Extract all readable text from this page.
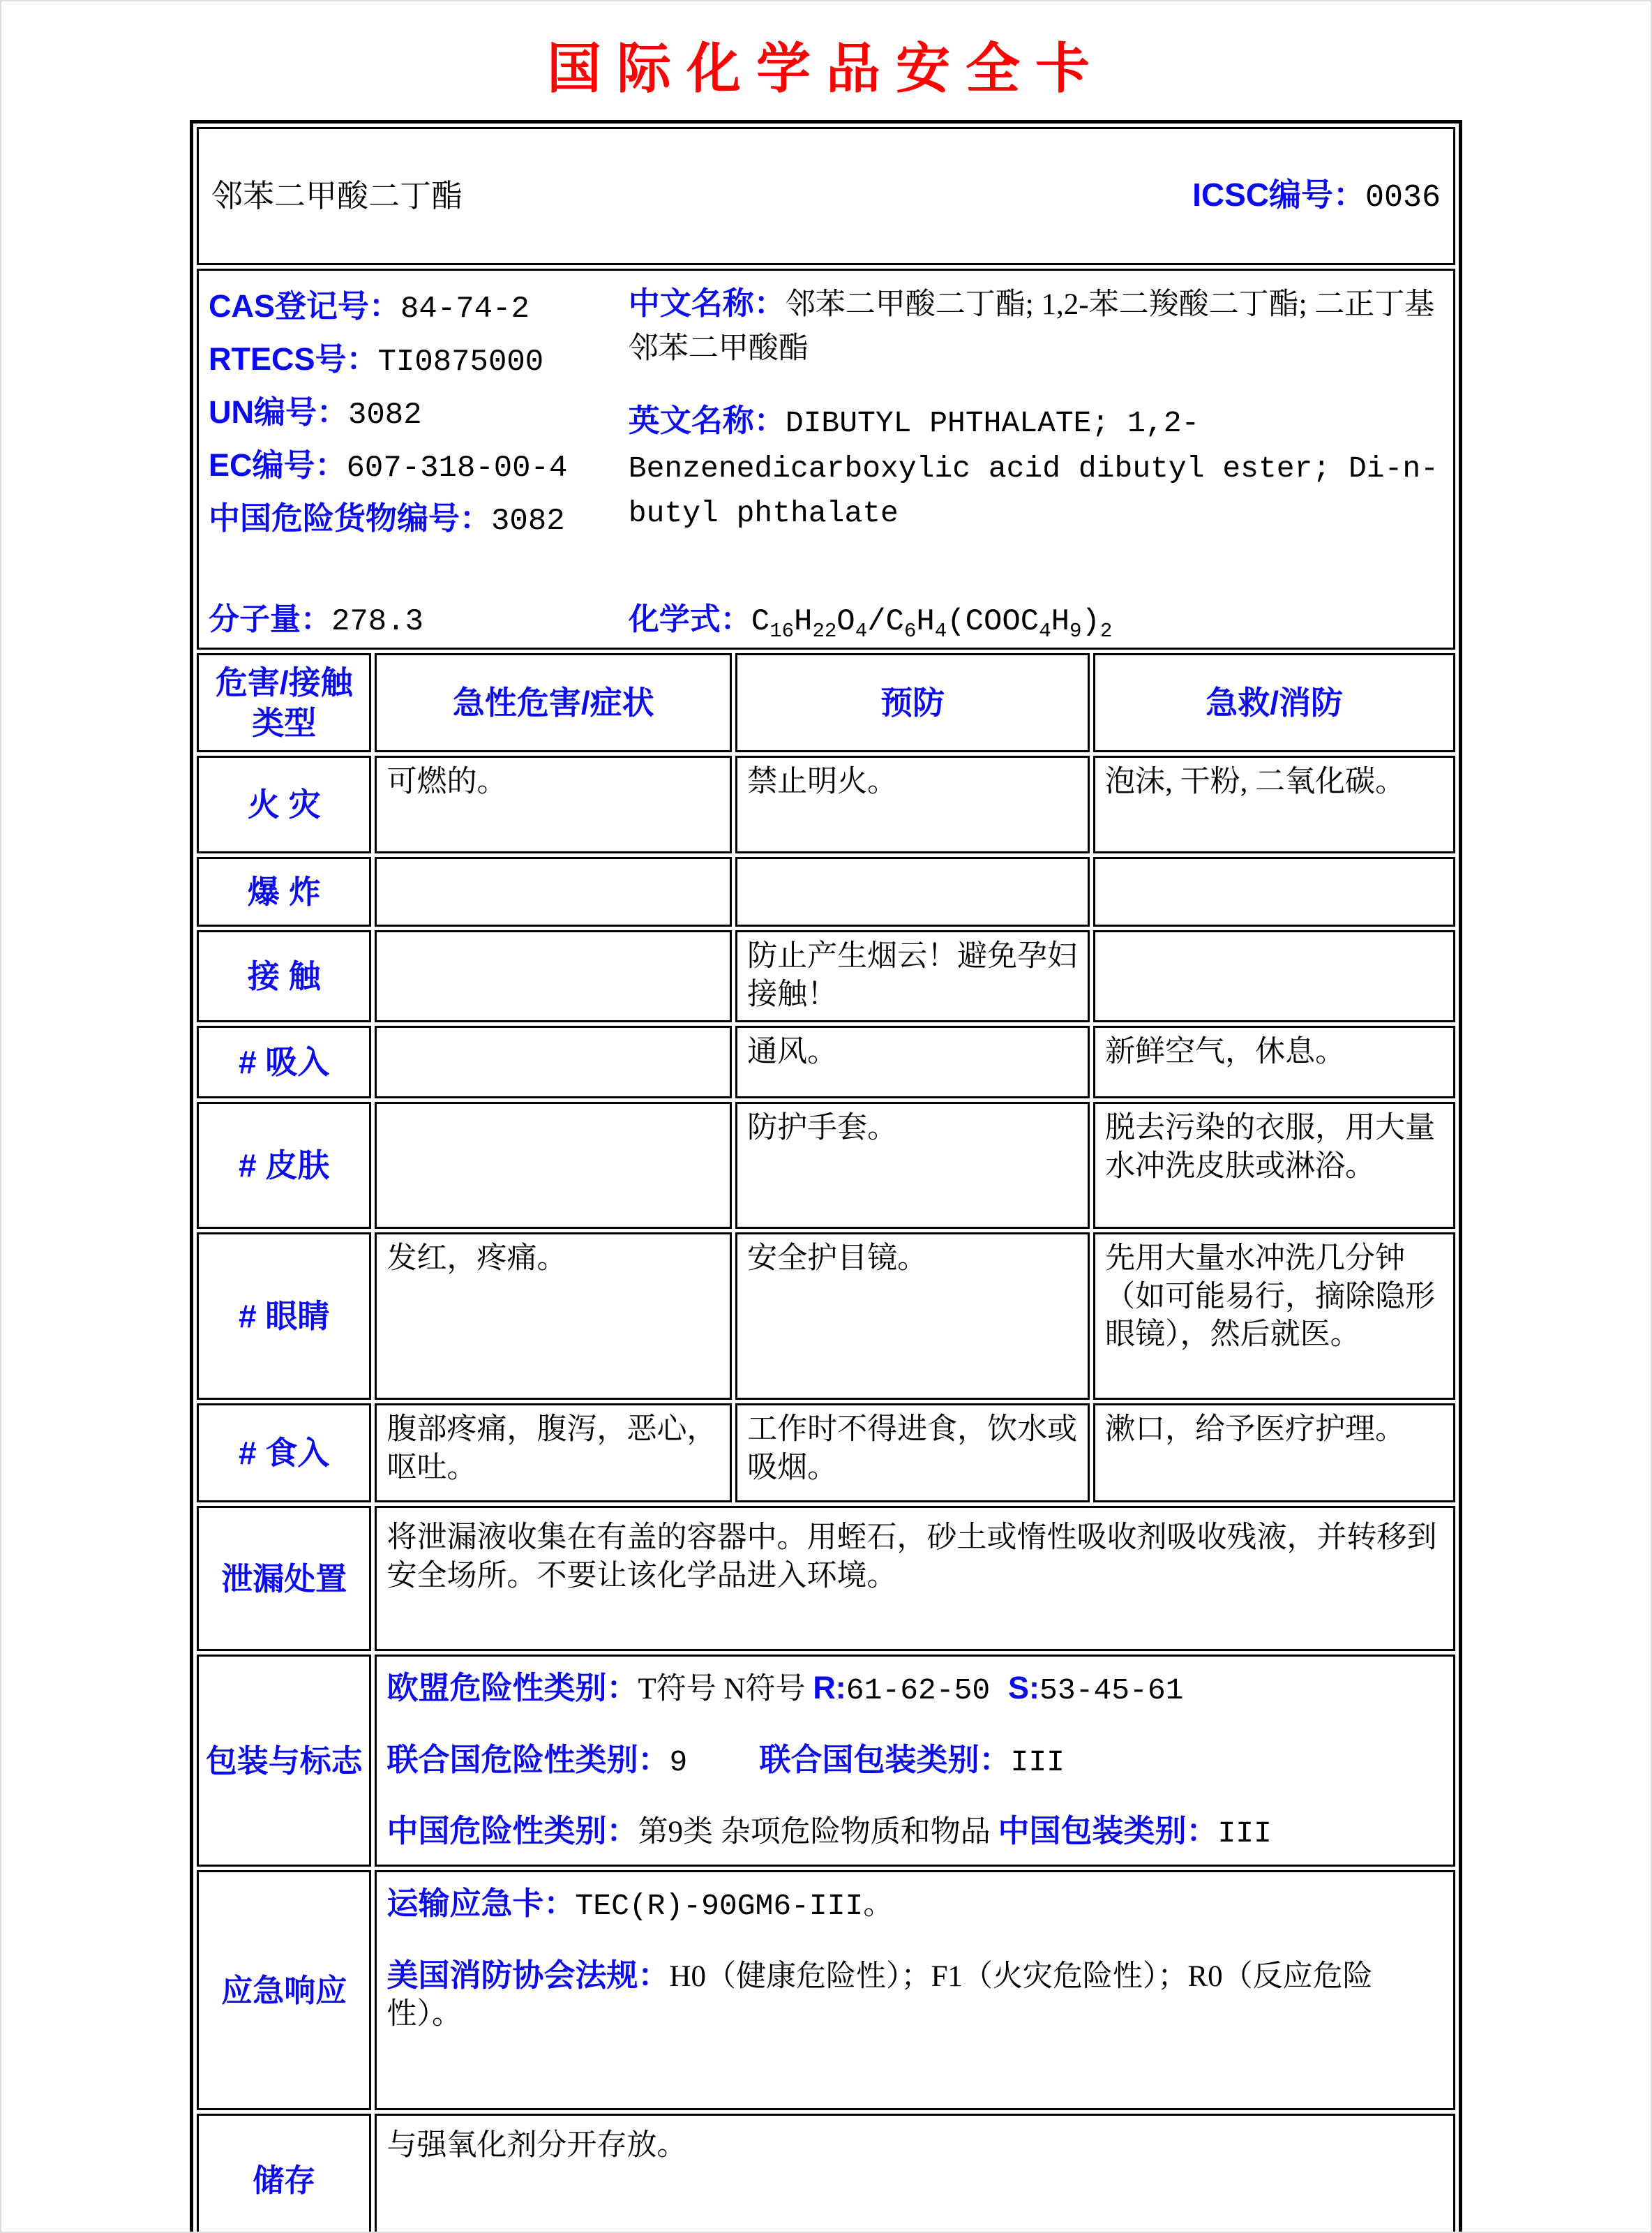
国际化学品安全卡
邻苯二甲酸二丁酯 ICSC编号：0036			

CAS登记号：84-74-2
RTECS号：TI0875000
UN编号：3082
EC编号：607-318-00-4
中国危险货物编号：3082
中文名称：邻苯二甲酸二丁酯; 1,2-苯二羧酸二丁酯; 二正丁基邻苯二甲酸酯
英文名称：DIBUTYL PHTHALATE; 1,2-Benzenedicarboxylic acid dibutyl ester; Di-n-butyl phthalate
分子量：278.3	化学式：$C_{16}H_{22}O_4/C_6H_4(COOC_4H_9)_2$

危害/接触类型	急性危害/症状	预防	急救/消防
火 灾	可燃的。	禁止明火。	泡沫, 干粉, 二氧化碳。
爆 炸			
接 触		防止产生烟云！避免孕妇接触！	
# 吸入		通风。	新鲜空气，休息。
# 皮肤		防护手套。	脱去污染的衣服，用大量水冲洗皮肤或淋浴。
# 眼睛	发红，疼痛。	安全护目镜。	先用大量水冲洗几分钟（如可能易行，摘除隐形眼镜），然后就医。
# 食入	腹部疼痛，腹泻，恶心，呕吐。	工作时不得进食，饮水或吸烟。	漱口，给予医疗护理。
泄漏处置	将泄漏液收集在有盖的容器中。用蛭石，砂土或惰性吸收剂吸收残液，并转移到安全场所。不要让该化学品进入环境。		

包装与标志	欧盟危险性类别：T符号 N符号 R:61-62-50 S:53-45-61
联合国危险性类别：9    联合国包装类别：III
中国危险性类别：第9类 杂项危险物质和物品 中国包装类别：III		

应急响应	运输应急卡：TEC(R)-90GM6-III。
美国消防协会法规：H0（健康危险性）；F1（火灾危险性）；R0（反应危险性）。		

储存	与强氧化剂分开存放。		
